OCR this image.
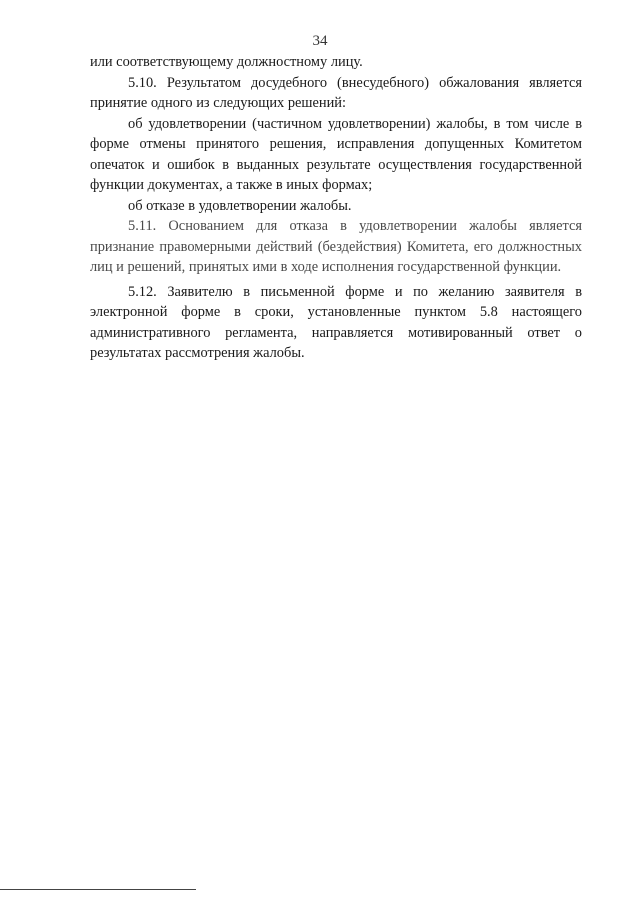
34

или соответствующему должностному лицу.

5.10. Результатом досудебного (внесудебного) обжалования является принятие одного из следующих решений:

об удовлетворении (частичном удовлетворении) жалобы, в том числе в форме отмены принятого решения, исправления допущенных Комитетом опечаток и ошибок в выданных результате осуществления государственной функции документах, а также в иных формах;

об отказе в удовлетворении жалобы.

5.11. Основанием для отказа в удовлетворении жалобы является признание правомерными действий (бездействия) Комитета, его должностных лиц и решений, принятых ими в ходе исполнения государственной функции.

5.12. Заявителю в письменной форме и по желанию заявителя в электронной форме в сроки, установленные пунктом 5.8 настоящего административного регламента, направляется мотивированный ответ о результатах рассмотрения жалобы.
